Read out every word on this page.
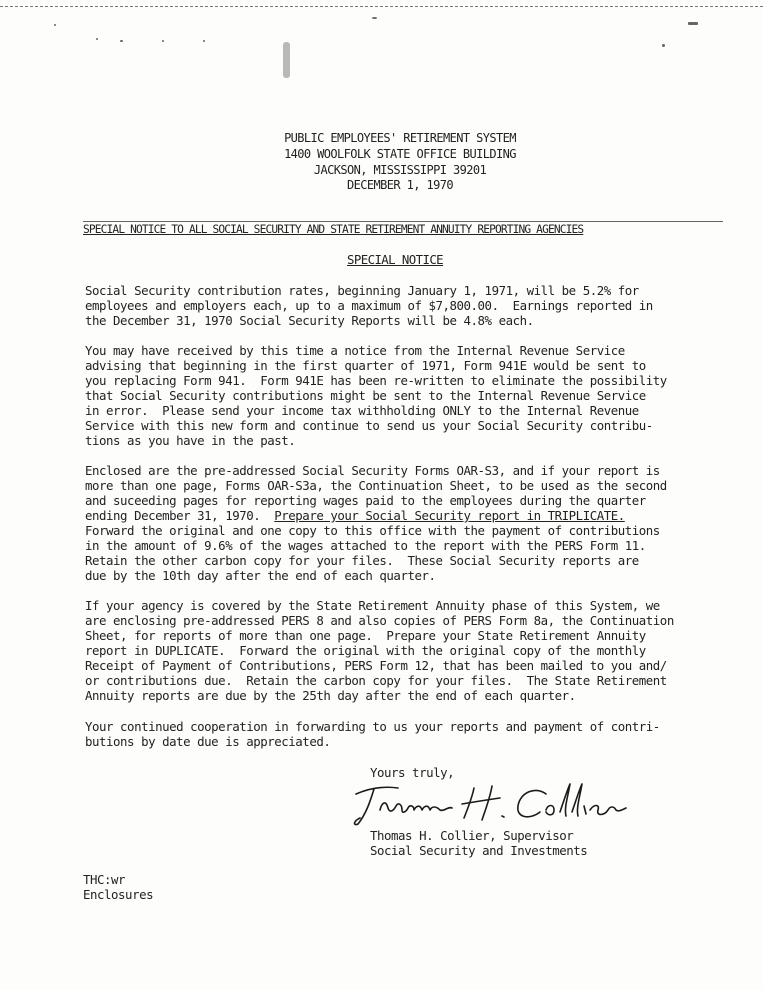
PUBLIC EMPLOYEES' RETIREMENT SYSTEM
1400 WOOLFOLK STATE OFFICE BUILDING
JACKSON, MISSISSIPPI 39201
DECEMBER 1, 1970
SPECIAL NOTICE TO ALL SOCIAL SECURITY AND STATE RETIREMENT ANNUITY REPORTING AGENCIES
SPECIAL NOTICE
Social Security contribution rates, beginning January 1, 1971, will be 5.2% for
employees and employers each, up to a maximum of $7,800.00.  Earnings reported in
the December 31, 1970 Social Security Reports will be 4.8% each.
You may have received by this time a notice from the Internal Revenue Service
advising that beginning in the first quarter of 1971, Form 941E would be sent to
you replacing Form 941.  Form 941E has been re-written to eliminate the possibility
that Social Security contributions might be sent to the Internal Revenue Service
in error.  Please send your income tax withholding ONLY to the Internal Revenue
Service with this new form and continue to send us your Social Security contribu-
tions as you have in the past.
Enclosed are the pre-addressed Social Security Forms OAR-S3, and if your report is
more than one page, Forms OAR-S3a, the Continuation Sheet, to be used as the second
and suceeding pages for reporting wages paid to the employees during the quarter
ending December 31, 1970.  Prepare your Social Security report in TRIPLICATE.
Forward the original and one copy to this office with the payment of contributions
in the amount of 9.6% of the wages attached to the report with the PERS Form 11.
Retain the other carbon copy for your files.  These Social Security reports are
due by the 10th day after the end of each quarter.
If your agency is covered by the State Retirement Annuity phase of this System, we
are enclosing pre-addressed PERS 8 and also copies of PERS Form 8a, the Continuation
Sheet, for reports of more than one page.  Prepare your State Retirement Annuity
report in DUPLICATE.  Forward the original with the original copy of the monthly
Receipt of Payment of Contributions, PERS Form 12, that has been mailed to you and/
or contributions due.  Retain the carbon copy for your files.  The State Retirement
Annuity reports are due by the 25th day after the end of each quarter.
Your continued cooperation in forwarding to us your reports and payment of contri-
butions by date due is appreciated.
Yours truly,
Thomas H. Collier, Supervisor
Social Security and Investments
THC:wr
Enclosures
